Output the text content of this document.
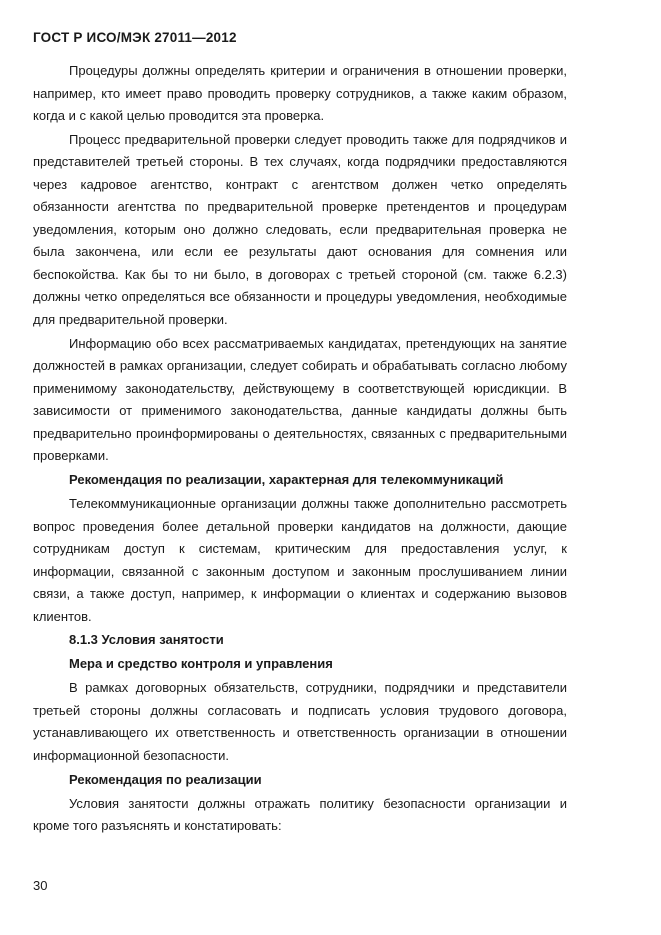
ГОСТ Р ИСО/МЭК 27011—2012

Процедуры должны определять критерии и ограничения в отношении проверки, например, кто имеет право проводить проверку сотрудников, а также каким образом, когда и с какой целью проводится эта проверка.

Процесс предварительной проверки следует проводить также для подрядчиков и представителей третьей стороны. В тех случаях, когда подрядчики предоставляются через кадровое агентство, контракт с агентством должен четко определять обязанности агентства по предварительной проверке претендентов и процедурам уведомления, которым оно должно следовать, если предварительная проверка не была закончена, или если ее результаты дают основания для сомнения или беспокойства. Как бы то ни было, в договорах с третьей стороной (см. также 6.2.3) должны четко определяться все обязанности и процедуры уведомления, необходимые для предварительной проверки.

Информацию обо всех рассматриваемых кандидатах, претендующих на занятие должностей в рамках организации, следует собирать и обрабатывать согласно любому применимому законодательству, действующему в соответствующей юрисдикции. В зависимости от применимого законодательства, данные кандидаты должны быть предварительно проинформированы о деятельностях, связанных с предварительными проверками.

Рекомендация по реализации, характерная для телекоммуникаций

Телекоммуникационные организации должны также дополнительно рассмотреть вопрос проведения более детальной проверки кандидатов на должности, дающие сотрудникам доступ к системам, критическим для предоставления услуг, к информации, связанной с законным доступом и законным прослушиванием линии связи, а также доступ, например, к информации о клиентах и содержанию вызовов клиентов.

8.1.3 Условия занятости

Мера и средство контроля и управления

В рамках договорных обязательств, сотрудники, подрядчики и представители третьей стороны должны согласовать и подписать условия трудового договора, устанавливающего их ответственность и ответственность организации в отношении информационной безопасности.

Рекомендация по реализации

Условия занятости должны отражать политику безопасности организации и кроме того разъяснять и констатировать:

30
